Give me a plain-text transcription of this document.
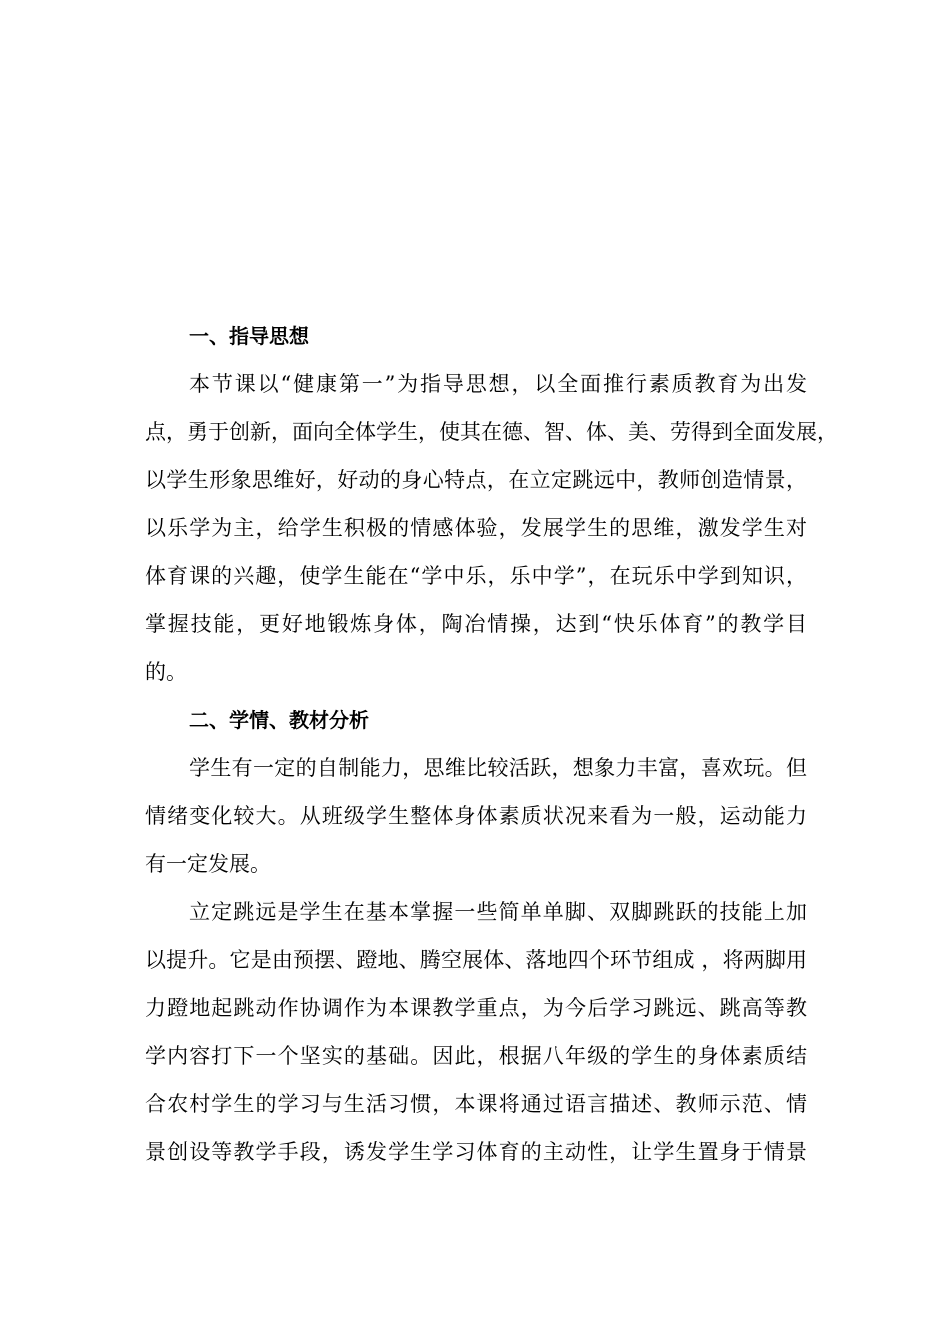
一、指导思想
本节课以“健康第一”为指导思想，以全面推行素质教育为出发
点，勇于创新，面向全体学生，使其在德、智、体、美、劳得到全面发展，
以学生形象思维好，好动的身心特点，在立定跳远中，教师创造情景，
以乐学为主，给学生积极的情感体验，发展学生的思维，激发学生对
体育课的兴趣，使学生能在“学中乐，乐中学”，在玩乐中学到知识，
掌握技能，更好地锻炼身体，陶冶情操，达到“快乐体育”的教学目
的。
二、学情、教材分析
学生有一定的自制能力，思维比较活跃，想象力丰富，喜欢玩。但
情绪变化较大。从班级学生整体身体素质状况来看为一般，运动能力
有一定发展。
立定跳远是学生在基本掌握一些简单单脚、双脚跳跃的技能上加
以提升。它是由预摆、蹬地、腾空展体、落地四个环节组成 ，将两脚用
力蹬地起跳动作协调作为本课教学重点，为今后学习跳远、跳高等教
学内容打下一个坚实的基础。因此，根据八年级的学生的身体素质结
合农村学生的学习与生活习惯，本课将通过语言描述、教师示范、情
景创设等教学手段，诱发学生学习体育的主动性，让学生置身于情景
